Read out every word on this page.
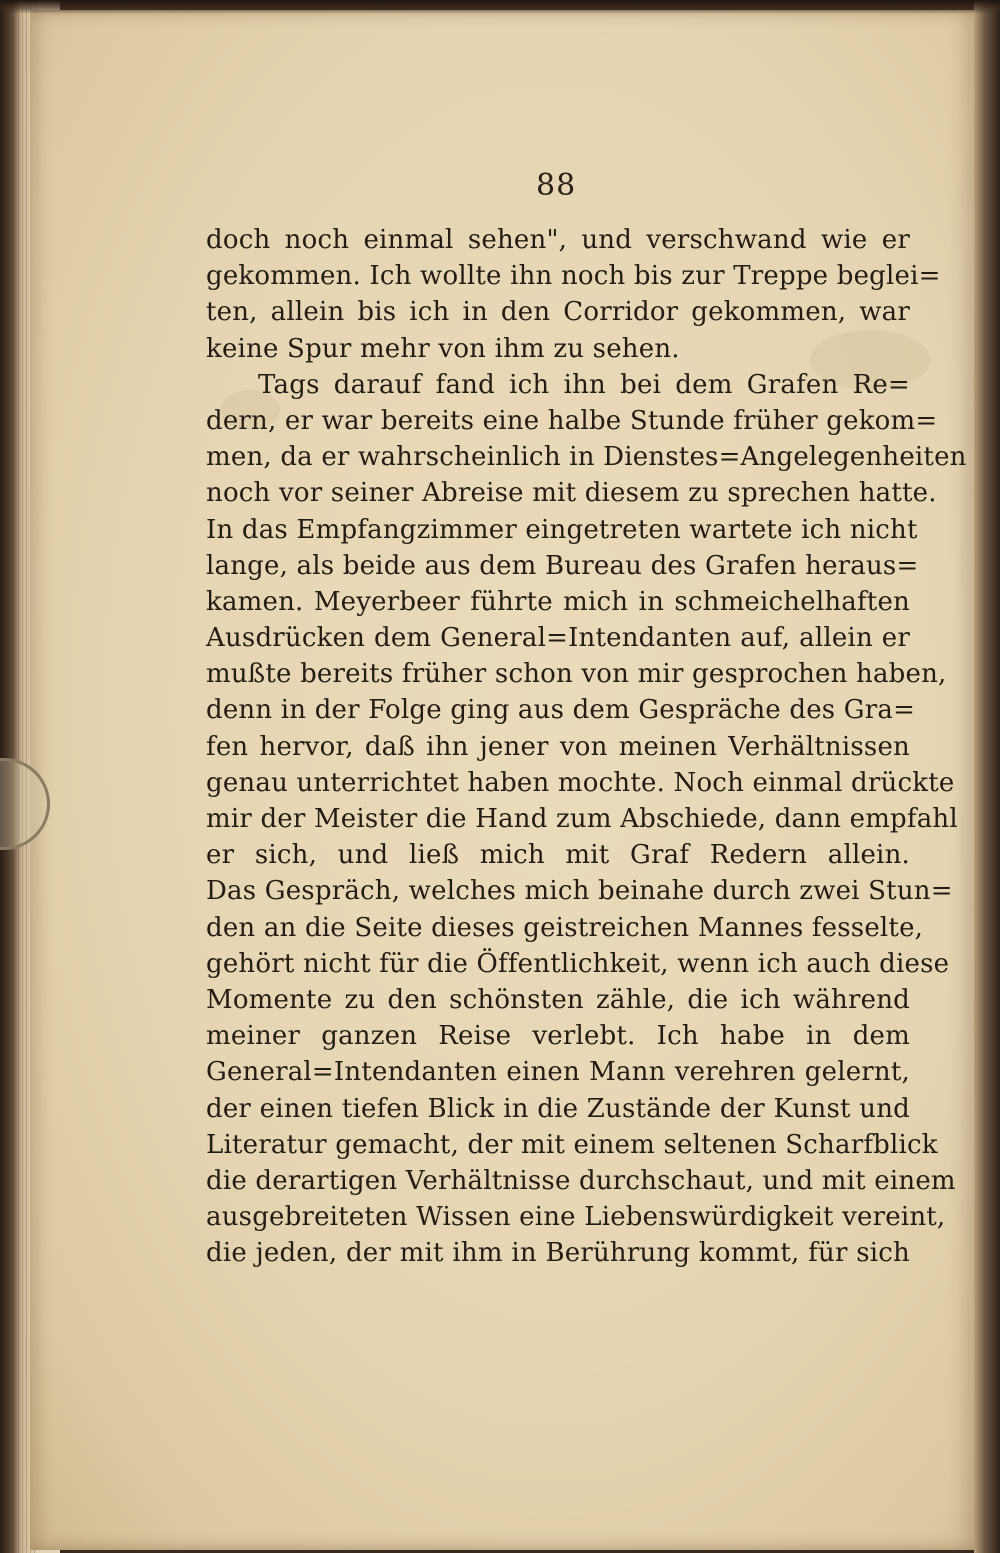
88
doch noch einmal sehen", und verschwand wie er
gekommen. Ich wollte ihn noch bis zur Treppe beglei=
ten, allein bis ich in den Corridor gekommen, war
keine Spur mehr von ihm zu sehen.
Tags darauf fand ich ihn bei dem Grafen Re=
dern, er war bereits eine halbe Stunde früher gekom=
men, da er wahrscheinlich in Dienstes=Angelegenheiten
noch vor seiner Abreise mit diesem zu sprechen hatte.
In das Empfangzimmer eingetreten wartete ich nicht
lange, als beide aus dem Bureau des Grafen heraus=
kamen. Meyerbeer führte mich in schmeichelhaften
Ausdrücken dem General=Intendanten auf, allein er
mußte bereits früher schon von mir gesprochen haben,
denn in der Folge ging aus dem Gespräche des Gra=
fen hervor, daß ihn jener von meinen Verhältnissen
genau unterrichtet haben mochte. Noch einmal drückte
mir der Meister die Hand zum Abschiede, dann empfahl
er sich, und ließ mich mit Graf Redern allein.
Das Gespräch, welches mich beinahe durch zwei Stun=
den an die Seite dieses geistreichen Mannes fesselte,
gehört nicht für die Öffentlichkeit, wenn ich auch diese
Momente zu den schönsten zähle, die ich während
meiner ganzen Reise verlebt. Ich habe in dem
General=Intendanten einen Mann verehren gelernt,
der einen tiefen Blick in die Zustände der Kunst und
Literatur gemacht, der mit einem seltenen Scharfblick
die derartigen Verhältnisse durchschaut, und mit einem
ausgebreiteten Wissen eine Liebenswürdigkeit vereint,
die jeden, der mit ihm in Berührung kommt, für sich
